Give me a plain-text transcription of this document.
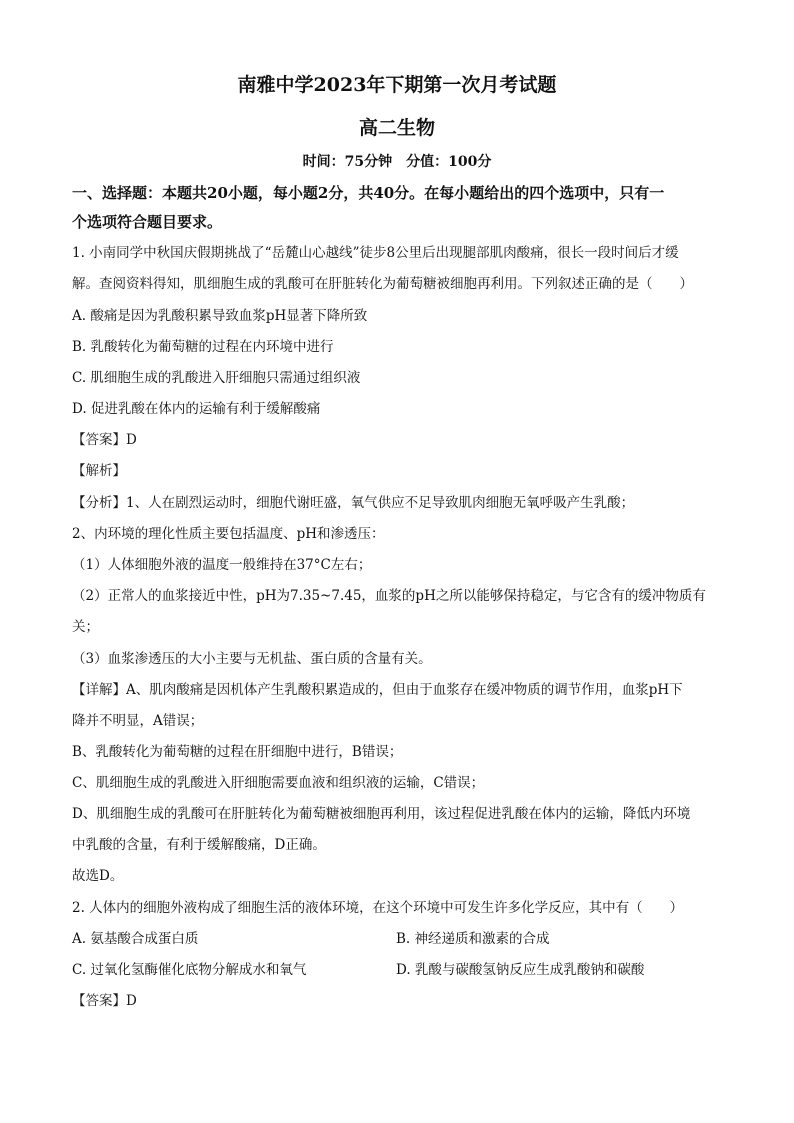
南雅中学2023年下期第一次月考试题
高二生物
时间：75分钟　分值：100分
一、选择题：本题共20小题，每小题2分，共40分。在每小题给出的四个选项中，只有一
个选项符合题目要求。
1. 小南同学中秋国庆假期挑战了“岳麓山心越线”徒步8公里后出现腿部肌肉酸痛，很长一段时间后才缓
解。查阅资料得知，肌细胞生成的乳酸可在肝脏转化为葡萄糖被细胞再利用。下列叙述正确的是（　　）
A. 酸痛是因为乳酸积累导致血浆pH显著下降所致
B. 乳酸转化为葡萄糖的过程在内环境中进行
C. 肌细胞生成的乳酸进入肝细胞只需通过组织液
D. 促进乳酸在体内的运输有利于缓解酸痛
【答案】D
【解析】
【分析】1、人在剧烈运动时，细胞代谢旺盛，氧气供应不足导致肌肉细胞无氧呼吸产生乳酸；
2、内环境的理化性质主要包括温度、pH和渗透压：
（1）人体细胞外液的温度一般维持在37°C左右；
（2）正常人的血浆接近中性，pH为7.35~7.45，血浆的pH之所以能够保持稳定，与它含有的缓冲物质有
关；
（3）血浆渗透压的大小主要与无机盐、蛋白质的含量有关。
【详解】A、肌肉酸痛是因机体产生乳酸积累造成的，但由于血浆存在缓冲物质的调节作用，血浆pH下
降并不明显，A错误；
B、乳酸转化为葡萄糖的过程在肝细胞中进行，B错误；
C、肌细胞生成的乳酸进入肝细胞需要血液和组织液的运输，C错误；
D、肌细胞生成的乳酸可在肝脏转化为葡萄糖被细胞再利用，该过程促进乳酸在体内的运输，降低内环境
中乳酸的含量，有利于缓解酸痛，D正确。
故选D。
2. 人体内的细胞外液构成了细胞生活的液体环境，在这个环境中可发生许多化学反应，其中有（　　）
A. 氨基酸合成蛋白质	B. 神经递质和激素的合成
C. 过氧化氢酶催化底物分解成水和氧气	D. 乳酸与碳酸氢钠反应生成乳酸钠和碳酸
【答案】D
